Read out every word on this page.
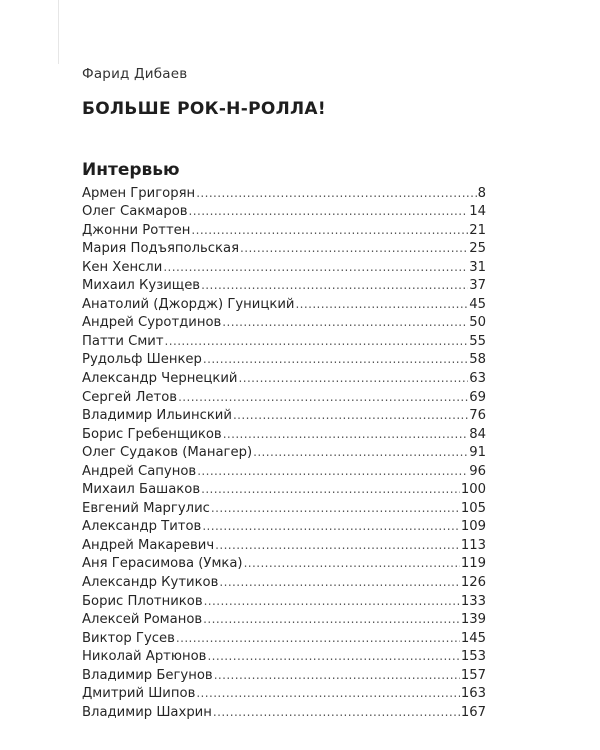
Фарид Дибаев
БОЛЬШЕ РОК-Н-РОЛЛА!
Интервью
Армен Григорян .....	8
Олег Сакмаров .....	14
Джонни Роттен .....	21
Мария Подъяпольская .....	25
Кен Хенсли .....	31
Михаил Кузищев .....	37
Анатолий (Джордж) Гуницкий .....	45
Андрей Суротдинов .....	50
Патти Смит .....	55
Рудольф Шенкер .....	58
Александр Чернецкий .....	63
Сергей Летов .....	69
Владимир Ильинский .....	76
Борис Гребенщиков .....	84
Олег Судаков (Манагер) .....	91
Андрей Сапунов .....	96
Михаил Башаков .....	100
Евгений Маргулис .....	105
Александр Титов .....	109
Андрей Макаревич .....	113
Аня Герасимова (Умка) .....	119
Александр Кутиков .....	126
Борис Плотников .....	133
Алексей Романов .....	139
Виктор Гусев .....	145
Николай Артюнов .....	153
Владимир Бегунов .....	157
Дмитрий Шипов .....	163
Владимир Шахрин .....	167
